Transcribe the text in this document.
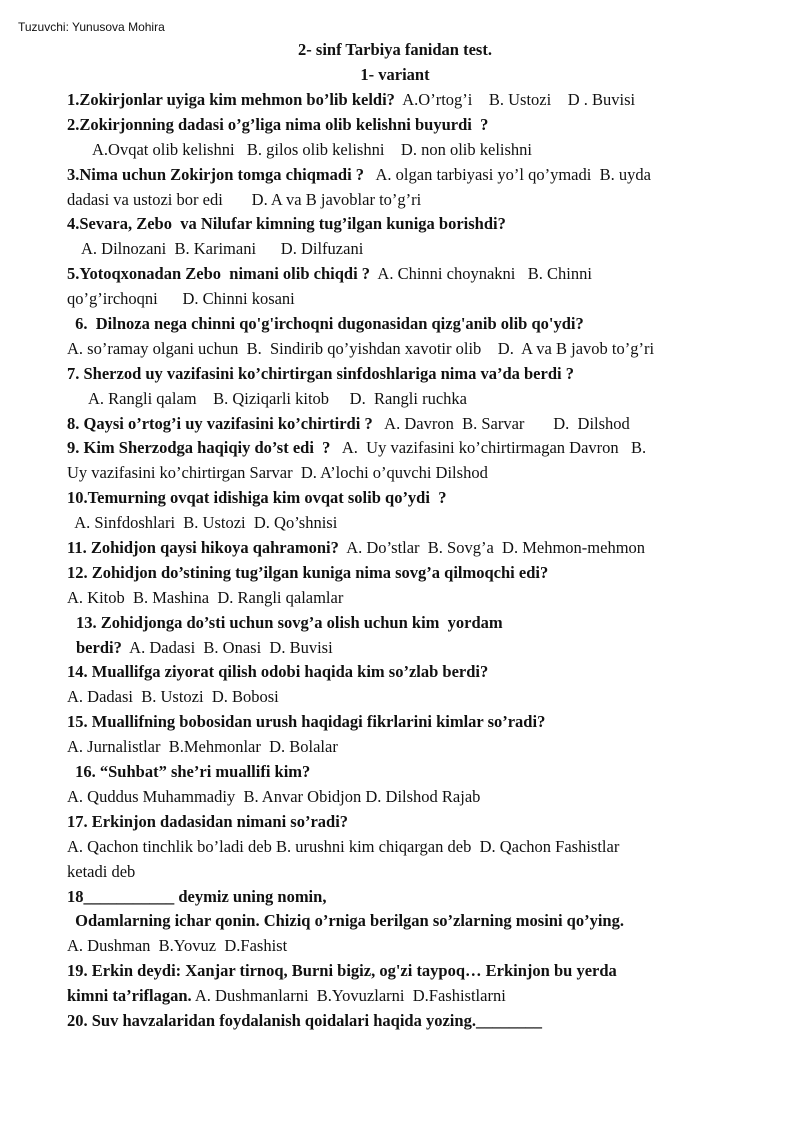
Tuzuvchi: Yunusova Mohira
2- sinf Tarbiya fanidan test.
1- variant
1.Zokirjonlar uyiga kim mehmon bo’lib keldi?  A.O’rtog’i    B. Ustozi    D . Buvisi
2.Zokirjonning dadasi o’g’liga nima olib kelishni buyurdi  ?
A.Ovqat olib kelishni   B. gilos olib kelishni    D. non olib kelishni
3.Nima uchun Zokirjon tomga chiqmadi ?   A. olgan tarbiyasi yo’l qo’ymadi  B. uyda
dadasi va ustozi bor edi       D. A va B javoblar to’g’ri
4.Sevara, Zebo  va Nilufar kimning tug’ilgan kuniga borishdi?
A. Dilnozani  B. Karimani      D. Dilfuzani
5.Yotoqxonadan Zebo  nimani olib chiqdi ?  A. Chinni choynakni   B. Chinni
qo’g’irchoqni      D. Chinni kosani
6.  Dilnoza nega chinni qo'g'irchoqni dugonasidan qizg'anib olib qo'ydi?
A. so’ramay olgani uchun  B.  Sindirib qo’yishdan xavotir olib    D.  A va B javob to’g’ri
7. Sherzod uy vazifasini ko’chirtirgan sinfdoshlariga nima va’da berdi ?
A. Rangli qalam    B. Qiziqarli kitob     D.  Rangli ruchka
8. Qaysi o’rtog’i uy vazifasini ko’chirtirdi ?   A. Davron  B. Sarvar       D.  Dilshod
9. Kim Sherzodga haqiqiy do’st edi  ?   A.  Uy vazifasini ko’chirtirmagan Davron   B.
Uy vazifasini ko’chirtirgan Sarvar  D. A’lochi o’quvchi Dilshod
10.Temurning ovqat idishiga kim ovqat solib qo’ydi  ?
A. Sinfdoshlari  B. Ustozi  D. Qo’shnisi
11. Zohidjon qaysi hikoya qahramoni?  A. Do’stlar  B. Sovg’a  D. Mehmon-mehmon
12. Zohidjon do’stining tug’ilgan kuniga nima sovg’a qilmoqchi edi?
A. Kitob  B. Mashina  D. Rangli qalamlar
13. Zohidjonga do’sti uchun sovg’a olish uchun kim  yordam
berdi?  A. Dadasi  B. Onasi  D. Buvisi
14. Muallifga ziyorat qilish odobi haqida kim so’zlab berdi?
A. Dadasi  B. Ustozi  D. Bobosi
15. Muallifning bobosidan urush haqidagi fikrlarini kimlar so’radi?
A. Jurnalistlar  B.Mehmonlar  D. Bolalar
16. “Suhbat” she’ri muallifi kim?
A. Quddus Muhammadiy  B. Anvar Obidjon D. Dilshod Rajab
17. Erkinjon dadasidan nimani so’radi?
A. Qachon tinchlik bo’ladi deb B. urushni kim chiqargan deb  D. Qachon Fashistlar
ketadi deb
18___________ deymiz uning nomin,
Odamlarning ichar qonin. Chiziq o’rniga berilgan so’zlarning mosini qo’ying.
A. Dushman  B.Yovuz  D.Fashist
19. Erkin deydi: Xanjar tirnoq, Burni bigiz, og'zi taypoq… Erkinjon bu yerda
kimni ta’riflagan. A. Dushmanlarni  B.Yovuzlarni  D.Fashistlarni
20. Suv havzalaridan foydalanish qoidalari haqida yozing.________
